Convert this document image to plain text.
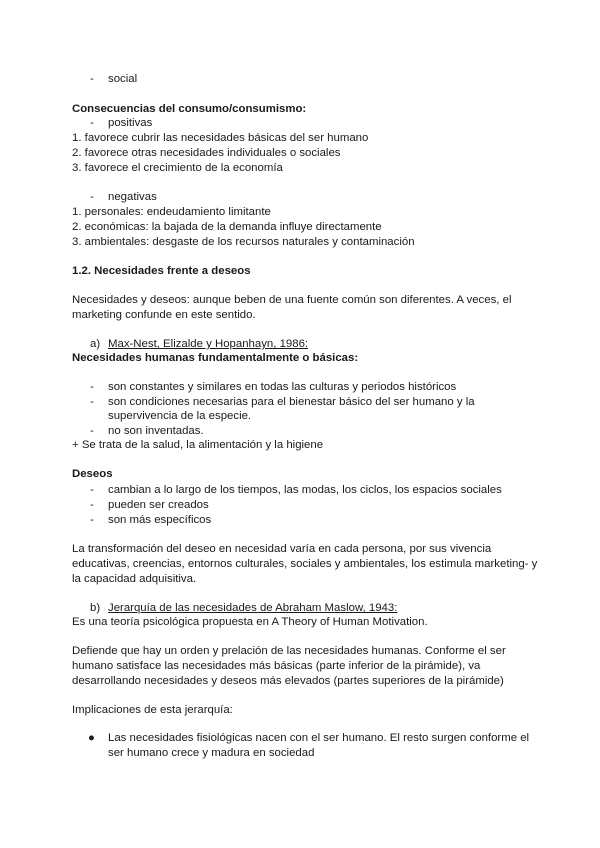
- social
Consecuencias del consumo/consumismo:
- positivas
1. favorece cubrir las necesidades básicas del ser humano
2. favorece otras necesidades individuales o sociales
3. favorece el crecimiento de la economía
- negativas
1. personales: endeudamiento limitante
2. económicas: la bajada de la demanda influye directamente
3. ambientales: desgaste de los recursos naturales y contaminación
1.2. Necesidades frente a deseos
Necesidades y deseos: aunque beben de una fuente común son diferentes. A veces, el
marketing confunde en este sentido.
a) Max-Nest, Elizalde y Hopanhayn, 1986:
Necesidades humanas fundamentalmente o básicas:
- son constantes y similares en todas las culturas y periodos históricos
- son condiciones necesarias para el bienestar básico del ser humano y la
supervivencia de la especie.
- no son inventadas.
+ Se trata de la salud, la alimentación y la higiene
Deseos
- cambian a lo largo de los tiempos, las modas, los ciclos, los espacios sociales
- pueden ser creados
- son más específicos
La transformación del deseo en necesidad varía en cada persona, por sus vivencia
educativas, creencias, entornos culturales, sociales y ambientales, los estimula marketing- y
la capacidad adquisitiva.
b) Jerarquía de las necesidades de Abraham Maslow, 1943:
Es una teoría psicológica propuesta en A Theory of Human Motivation.
Defiende que hay un orden y prelación de las necesidades humanas. Conforme el ser
humano satisface las necesidades más básicas (parte inferior de la pirámide), va
desarrollando necesidades y deseos más elevados (partes superiores de la pirámide)
Implicaciones de esta jerarquía:
● Las necesidades fisiológicas nacen con el ser humano. El resto surgen conforme el
ser humano crece y madura en sociedad
